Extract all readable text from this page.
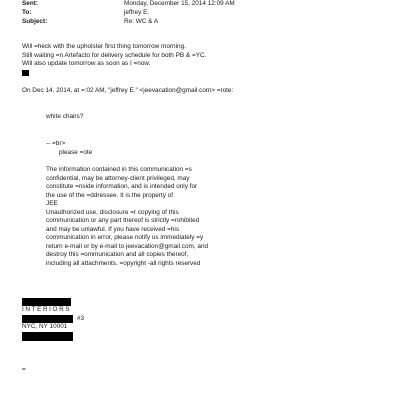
Sent:	Monday, December 15, 2014 12:09 AM
To:	jeffrey E.
Subject:	Re: WC & A
Will =heck with the upholster first thing tomorrow morning.
Still waiting =n Artefacto for delivery schedule for both PB & =YC.
Will also update tomorrow as soon as I =now.
On Dec 14, 2014, at =:02 AM, "jeffrey E." <jeevacation@gmail.com> =rote:
white chairs?
-- =br>
please =ote
The information contained in this communication =s
confidential, may be attorney-client privileged, may
constitute =nside information, and is intended only for
the use of the =ddressee. It is the property of
JEE
Unauthorized use, disclosure =r copying of this
communication or any part thereof is strictly =rohibited
and may be unlawful. If you have received =his
communication in error, please notify us immediately =y
return e-mail or by e-mail to jeevacation@gmail.com, and
destroy this =ommunication and all copies thereof,
including all attachments. =opyright -all rights reserved
INTERIORS
#3
NYC, NY 10001
=
